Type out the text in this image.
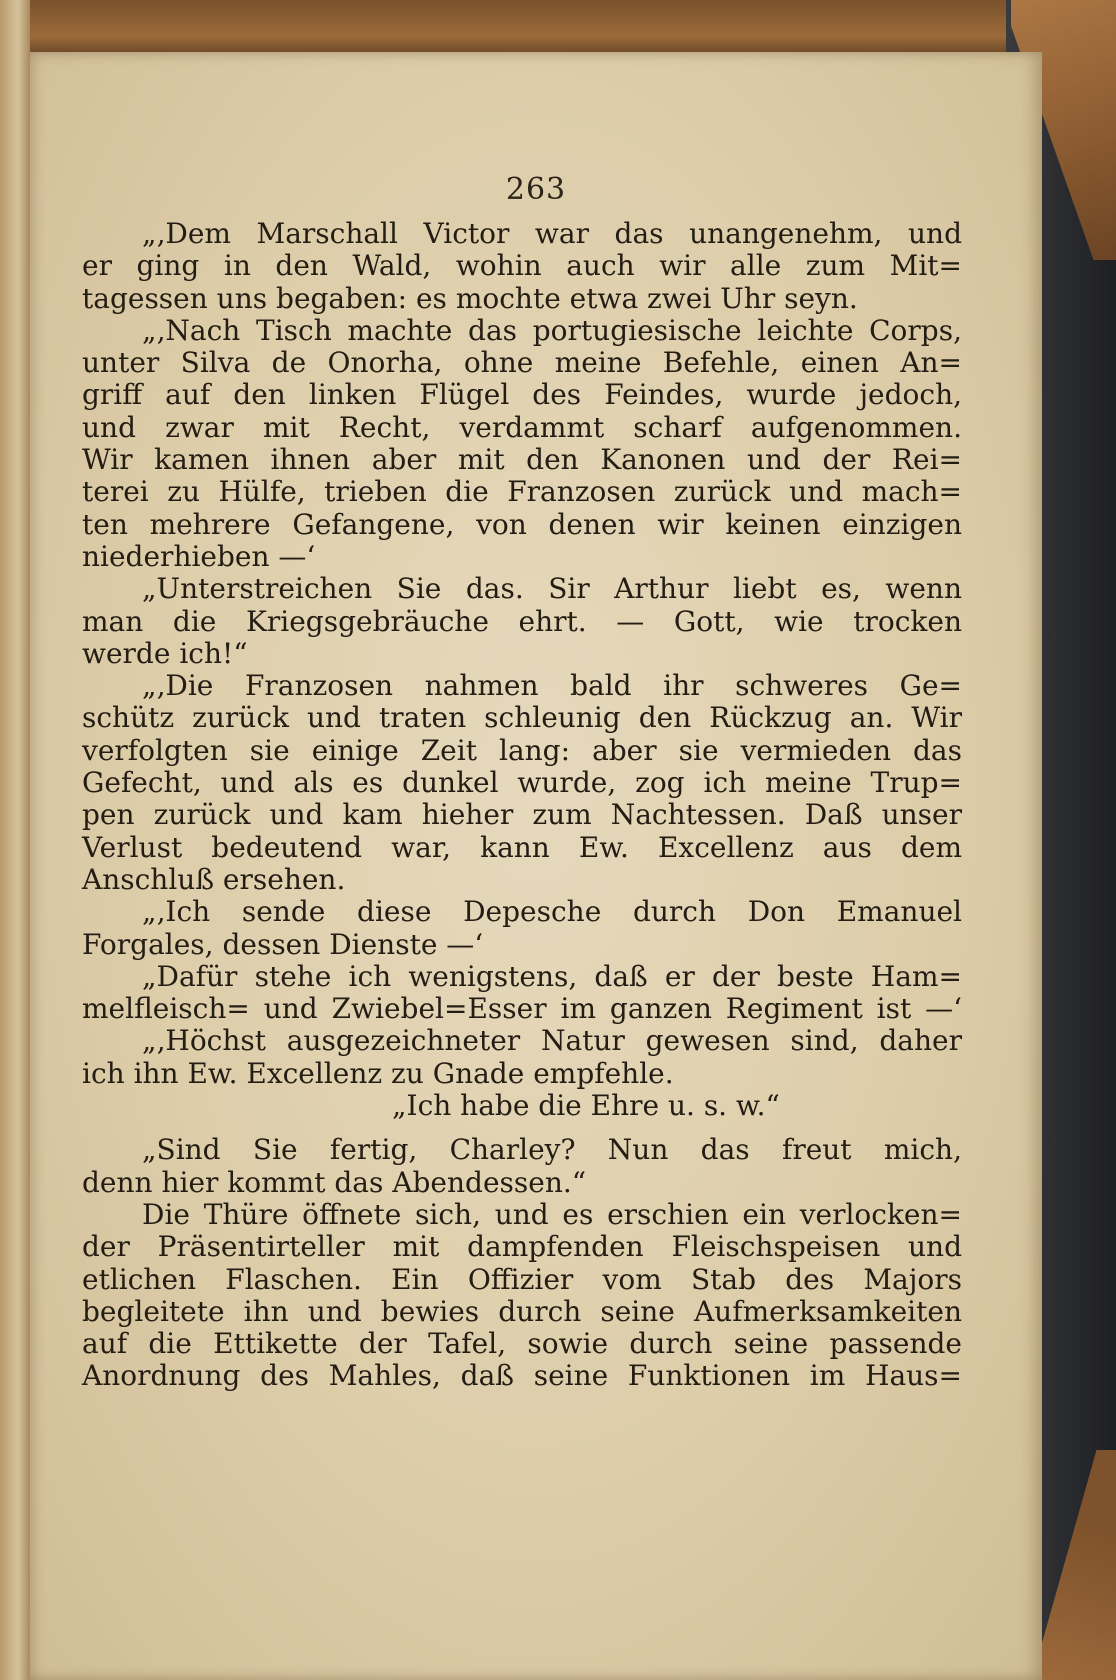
263
„‚Dem Marschall Victor war das unangenehm, und
er ging in den Wald, wohin auch wir alle zum Mit=
tagessen uns begaben: es mochte etwa zwei Uhr seyn.
„‚Nach Tisch machte das portugiesische leichte Corps,
unter Silva de Onorha, ohne meine Befehle, einen An=
griff auf den linken Flügel des Feindes, wurde jedoch,
und zwar mit Recht, verdammt scharf aufgenommen.
Wir kamen ihnen aber mit den Kanonen und der Rei=
terei zu Hülfe, trieben die Franzosen zurück und mach=
ten mehrere Gefangene, von denen wir keinen einzigen
niederhieben —‘
„Unterstreichen Sie das. Sir Arthur liebt es, wenn
man die Kriegsgebräuche ehrt. — Gott, wie trocken
werde ich!“
„‚Die Franzosen nahmen bald ihr schweres Ge=
schütz zurück und traten schleunig den Rückzug an. Wir
verfolgten sie einige Zeit lang: aber sie vermieden das
Gefecht, und als es dunkel wurde, zog ich meine Trup=
pen zurück und kam hieher zum Nachtessen. Daß unser
Verlust bedeutend war, kann Ew. Excellenz aus dem
Anschluß ersehen.
„‚Ich sende diese Depesche durch Don Emanuel
Forgales, dessen Dienste —‘
„Dafür stehe ich wenigstens, daß er der beste Ham=
melfleisch= und Zwiebel=Esser im ganzen Regiment ist —‘
„‚Höchst ausgezeichneter Natur gewesen sind, daher
ich ihn Ew. Excellenz zu Gnade empfehle.
„Ich habe die Ehre u. s. w.“
„Sind Sie fertig, Charley? Nun das freut mich,
denn hier kommt das Abendessen.“
Die Thüre öffnete sich, und es erschien ein verlocken=
der Präsentirteller mit dampfenden Fleischspeisen und
etlichen Flaschen. Ein Offizier vom Stab des Majors
begleitete ihn und bewies durch seine Aufmerksamkeiten
auf die Ettikette der Tafel, sowie durch seine passende
Anordnung des Mahles, daß seine Funktionen im Haus=
